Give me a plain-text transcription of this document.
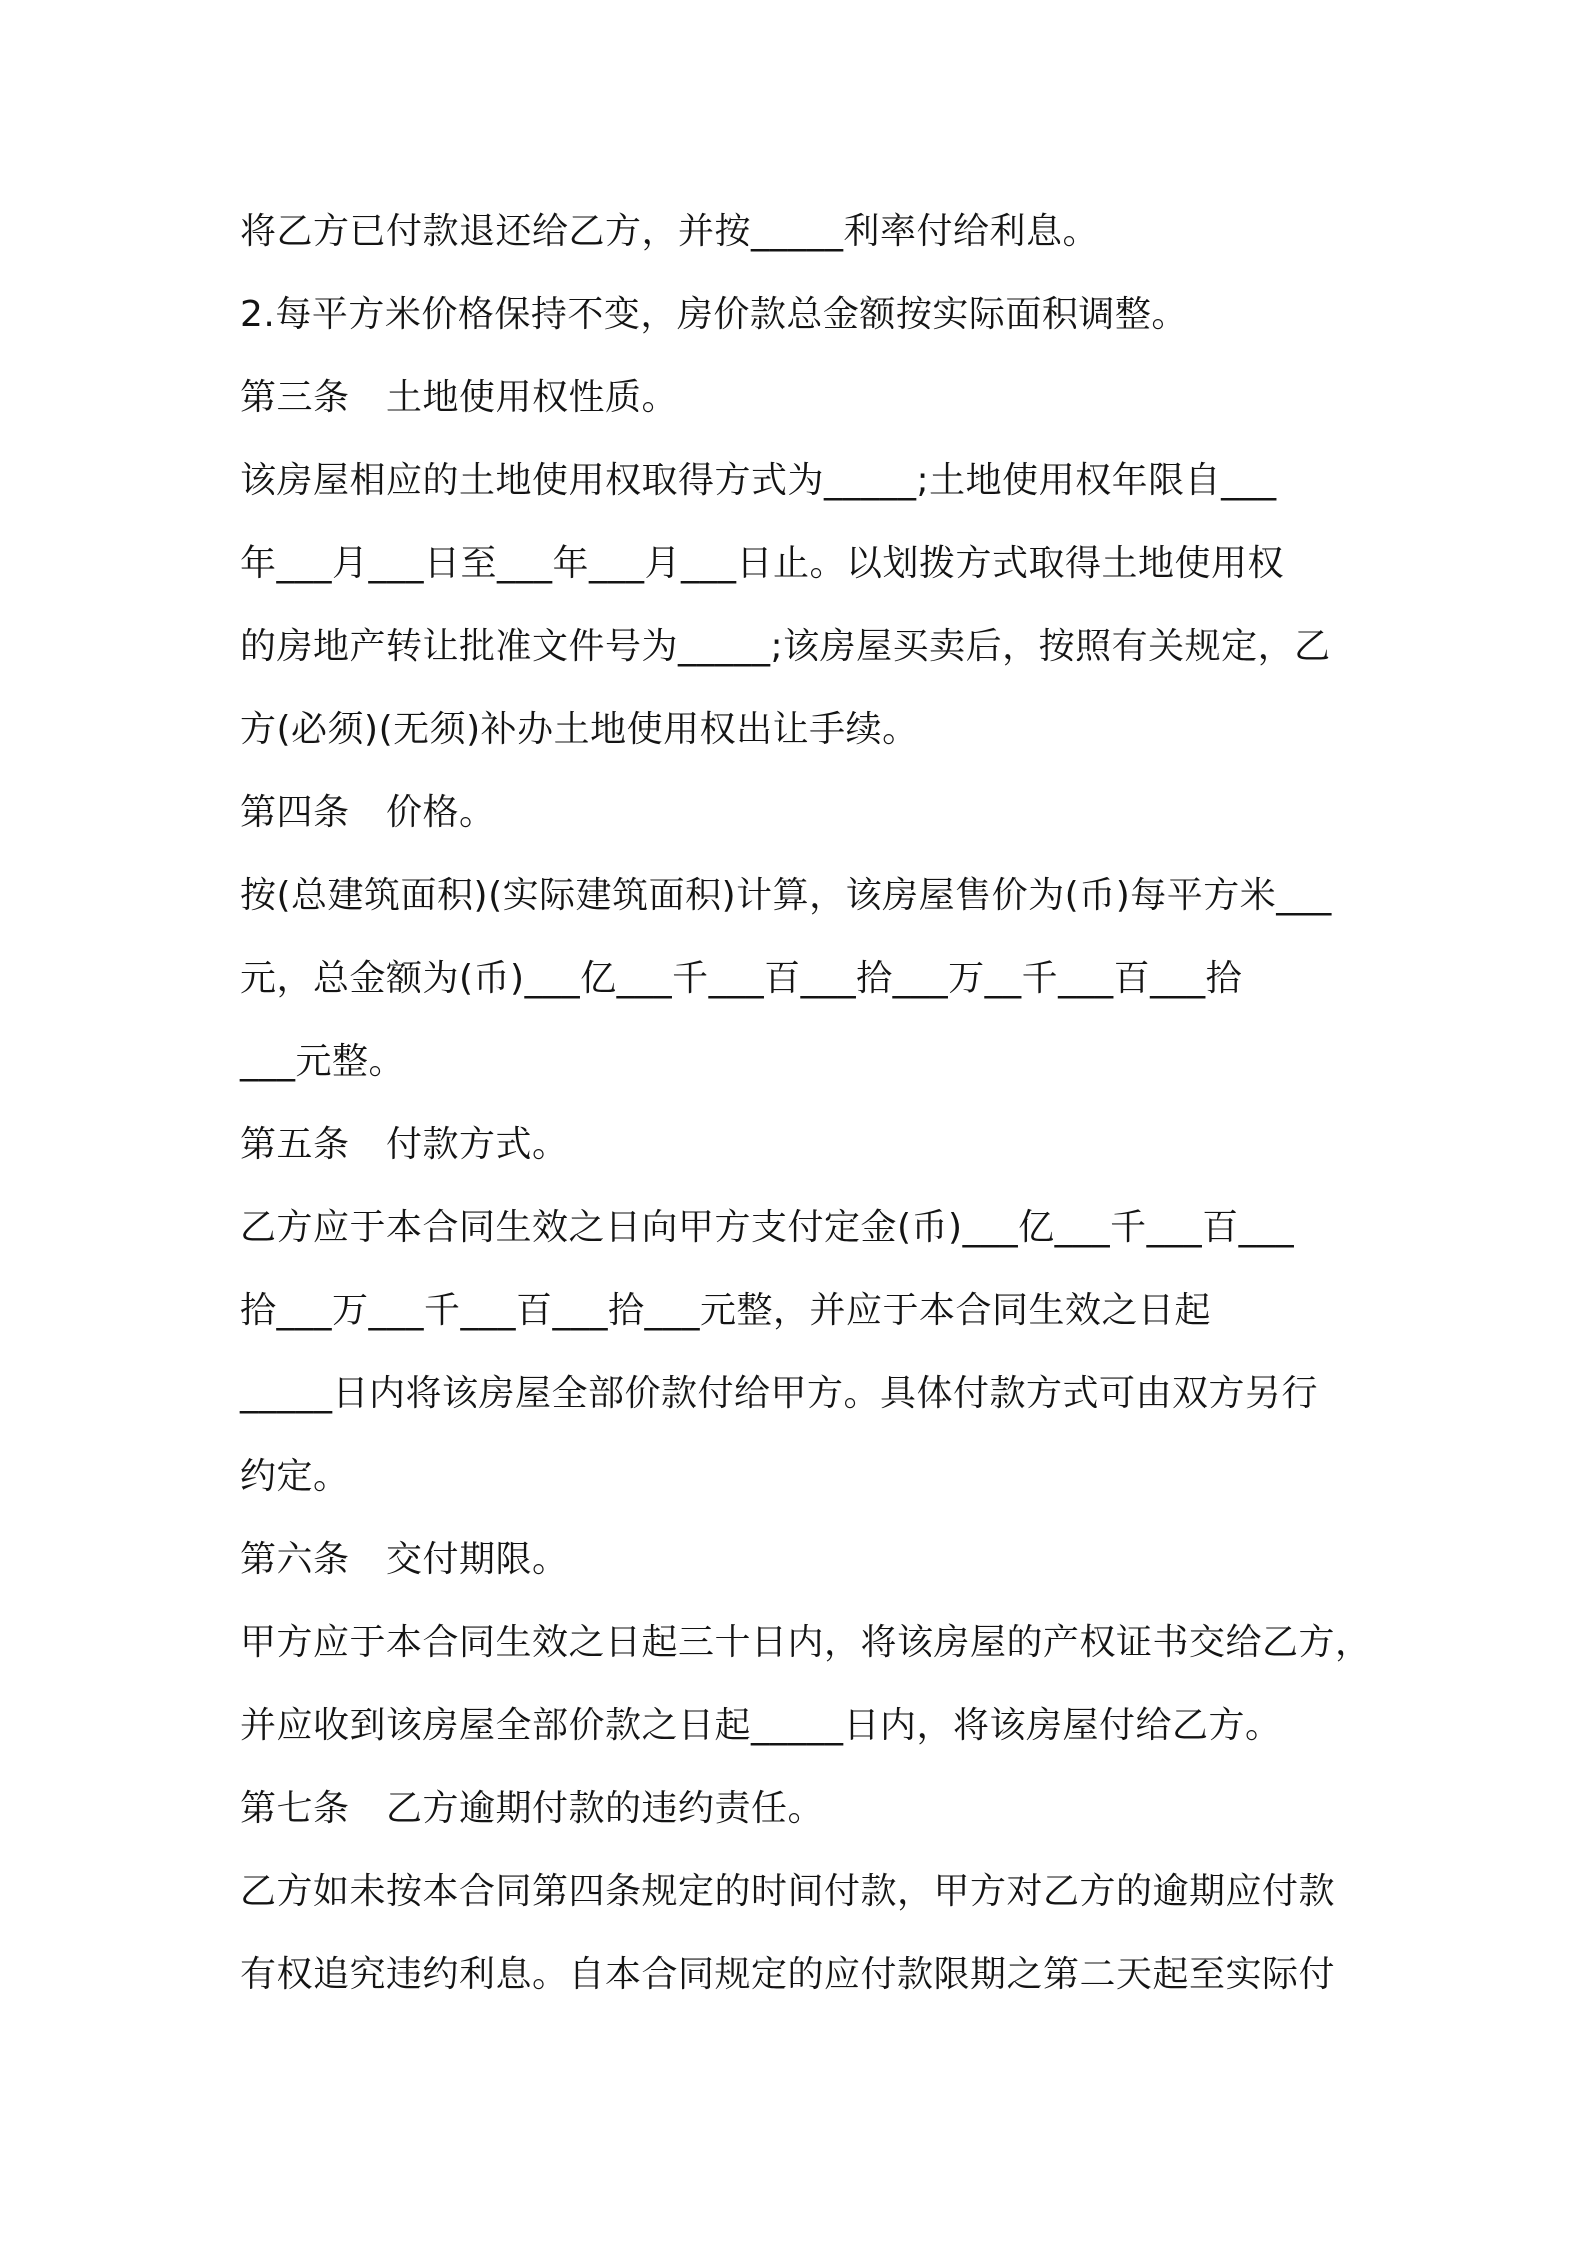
将乙方已付款退还给乙方，并按_____利率付给利息。
2.每平方米价格保持不变，房价款总金额按实际面积调整。
第三条　土地使用权性质。
该房屋相应的土地使用权取得方式为_____;土地使用权年限自___
年___月___日至___年___月___日止。以划拨方式取得土地使用权
的房地产转让批准文件号为_____;该房屋买卖后，按照有关规定，乙
方(必须)(无须)补办土地使用权出让手续。
第四条　价格。
按(总建筑面积)(实际建筑面积)计算，该房屋售价为(币)每平方米___
元，总金额为(币)___亿___千___百___拾___万__千___百___拾
___元整。
第五条　付款方式。
乙方应于本合同生效之日向甲方支付定金(币)___亿___千___百___
拾___万___千___百___拾___元整，并应于本合同生效之日起
_____日内将该房屋全部价款付给甲方。具体付款方式可由双方另行
约定。
第六条　交付期限。
甲方应于本合同生效之日起三十日内，将该房屋的产权证书交给乙方，
并应收到该房屋全部价款之日起_____日内，将该房屋付给乙方。
第七条　乙方逾期付款的违约责任。
乙方如未按本合同第四条规定的时间付款，甲方对乙方的逾期应付款
有权追究违约利息。自本合同规定的应付款限期之第二天起至实际付
